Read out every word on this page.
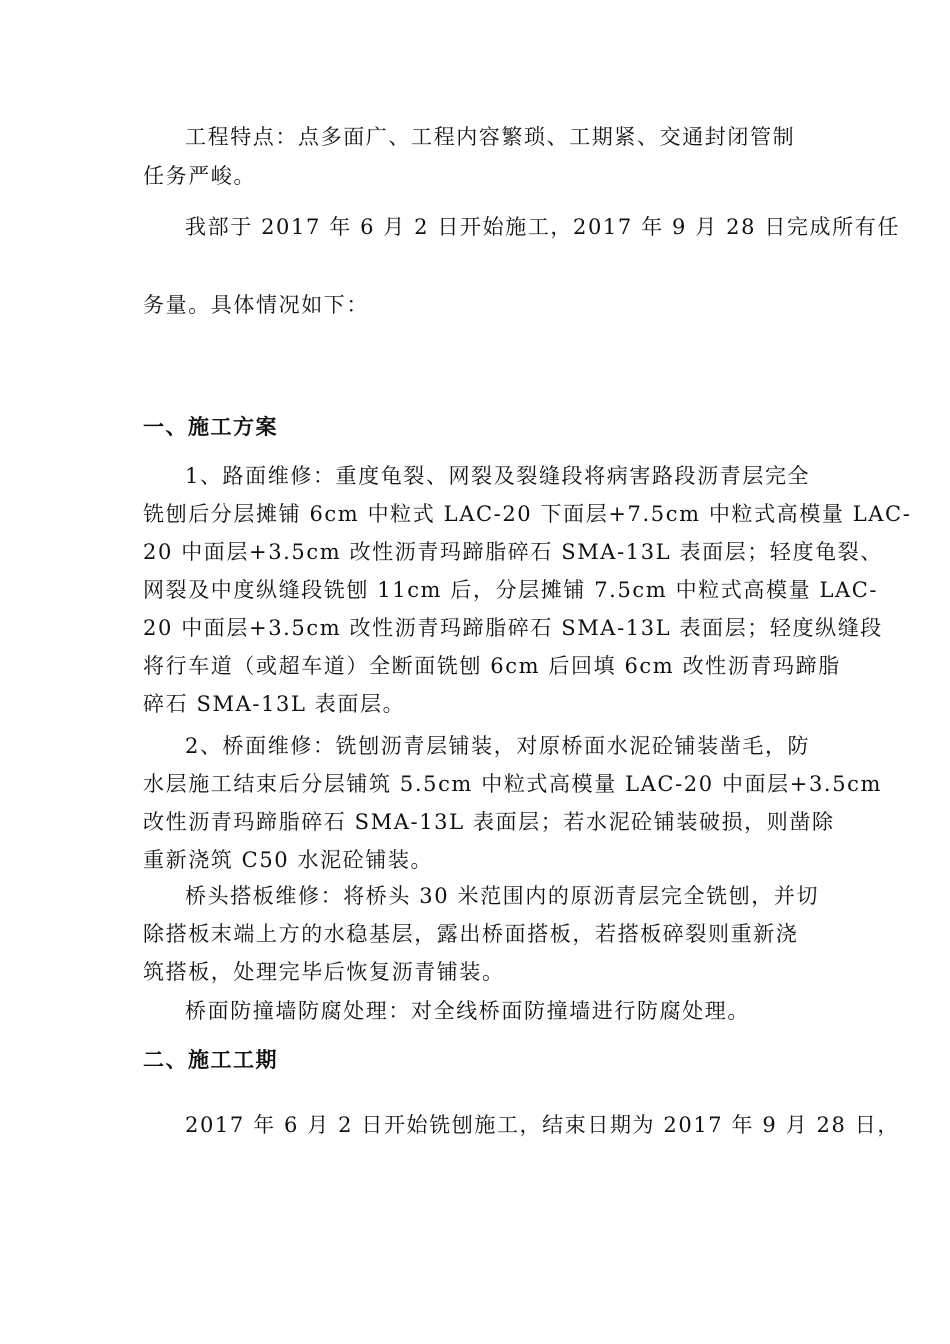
工程特点：点多面广、工程内容繁琐、工期紧、交通封闭管制
任务严峻。
我部于 2017 年 6 月 2 日开始施工，2017 年 9 月 28 日完成所有任
务量。具体情况如下：
一、施工方案
1、路面维修：重度龟裂、网裂及裂缝段将病害路段沥青层完全
铣刨后分层摊铺 6cm 中粒式 LAC-20 下面层+7.5cm 中粒式高模量 LAC-
20 中面层+3.5cm 改性沥青玛蹄脂碎石 SMA-13L 表面层；轻度龟裂、
网裂及中度纵缝段铣刨 11cm 后，分层摊铺 7.5cm 中粒式高模量 LAC-
20 中面层+3.5cm 改性沥青玛蹄脂碎石 SMA-13L 表面层；轻度纵缝段
将行车道（或超车道）全断面铣刨 6cm 后回填 6cm 改性沥青玛蹄脂
碎石 SMA-13L 表面层。
2、桥面维修：铣刨沥青层铺装，对原桥面水泥砼铺装凿毛，防
水层施工结束后分层铺筑 5.5cm 中粒式高模量 LAC-20 中面层+3.5cm
改性沥青玛蹄脂碎石 SMA-13L 表面层；若水泥砼铺装破损，则凿除
重新浇筑 C50 水泥砼铺装。
桥头搭板维修：将桥头 30 米范围内的原沥青层完全铣刨，并切
除搭板末端上方的水稳基层，露出桥面搭板，若搭板碎裂则重新浇
筑搭板，处理完毕后恢复沥青铺装。
桥面防撞墙防腐处理：对全线桥面防撞墙进行防腐处理。
二、施工工期
2017 年 6 月 2 日开始铣刨施工，结束日期为 2017 年 9 月 28 日，
